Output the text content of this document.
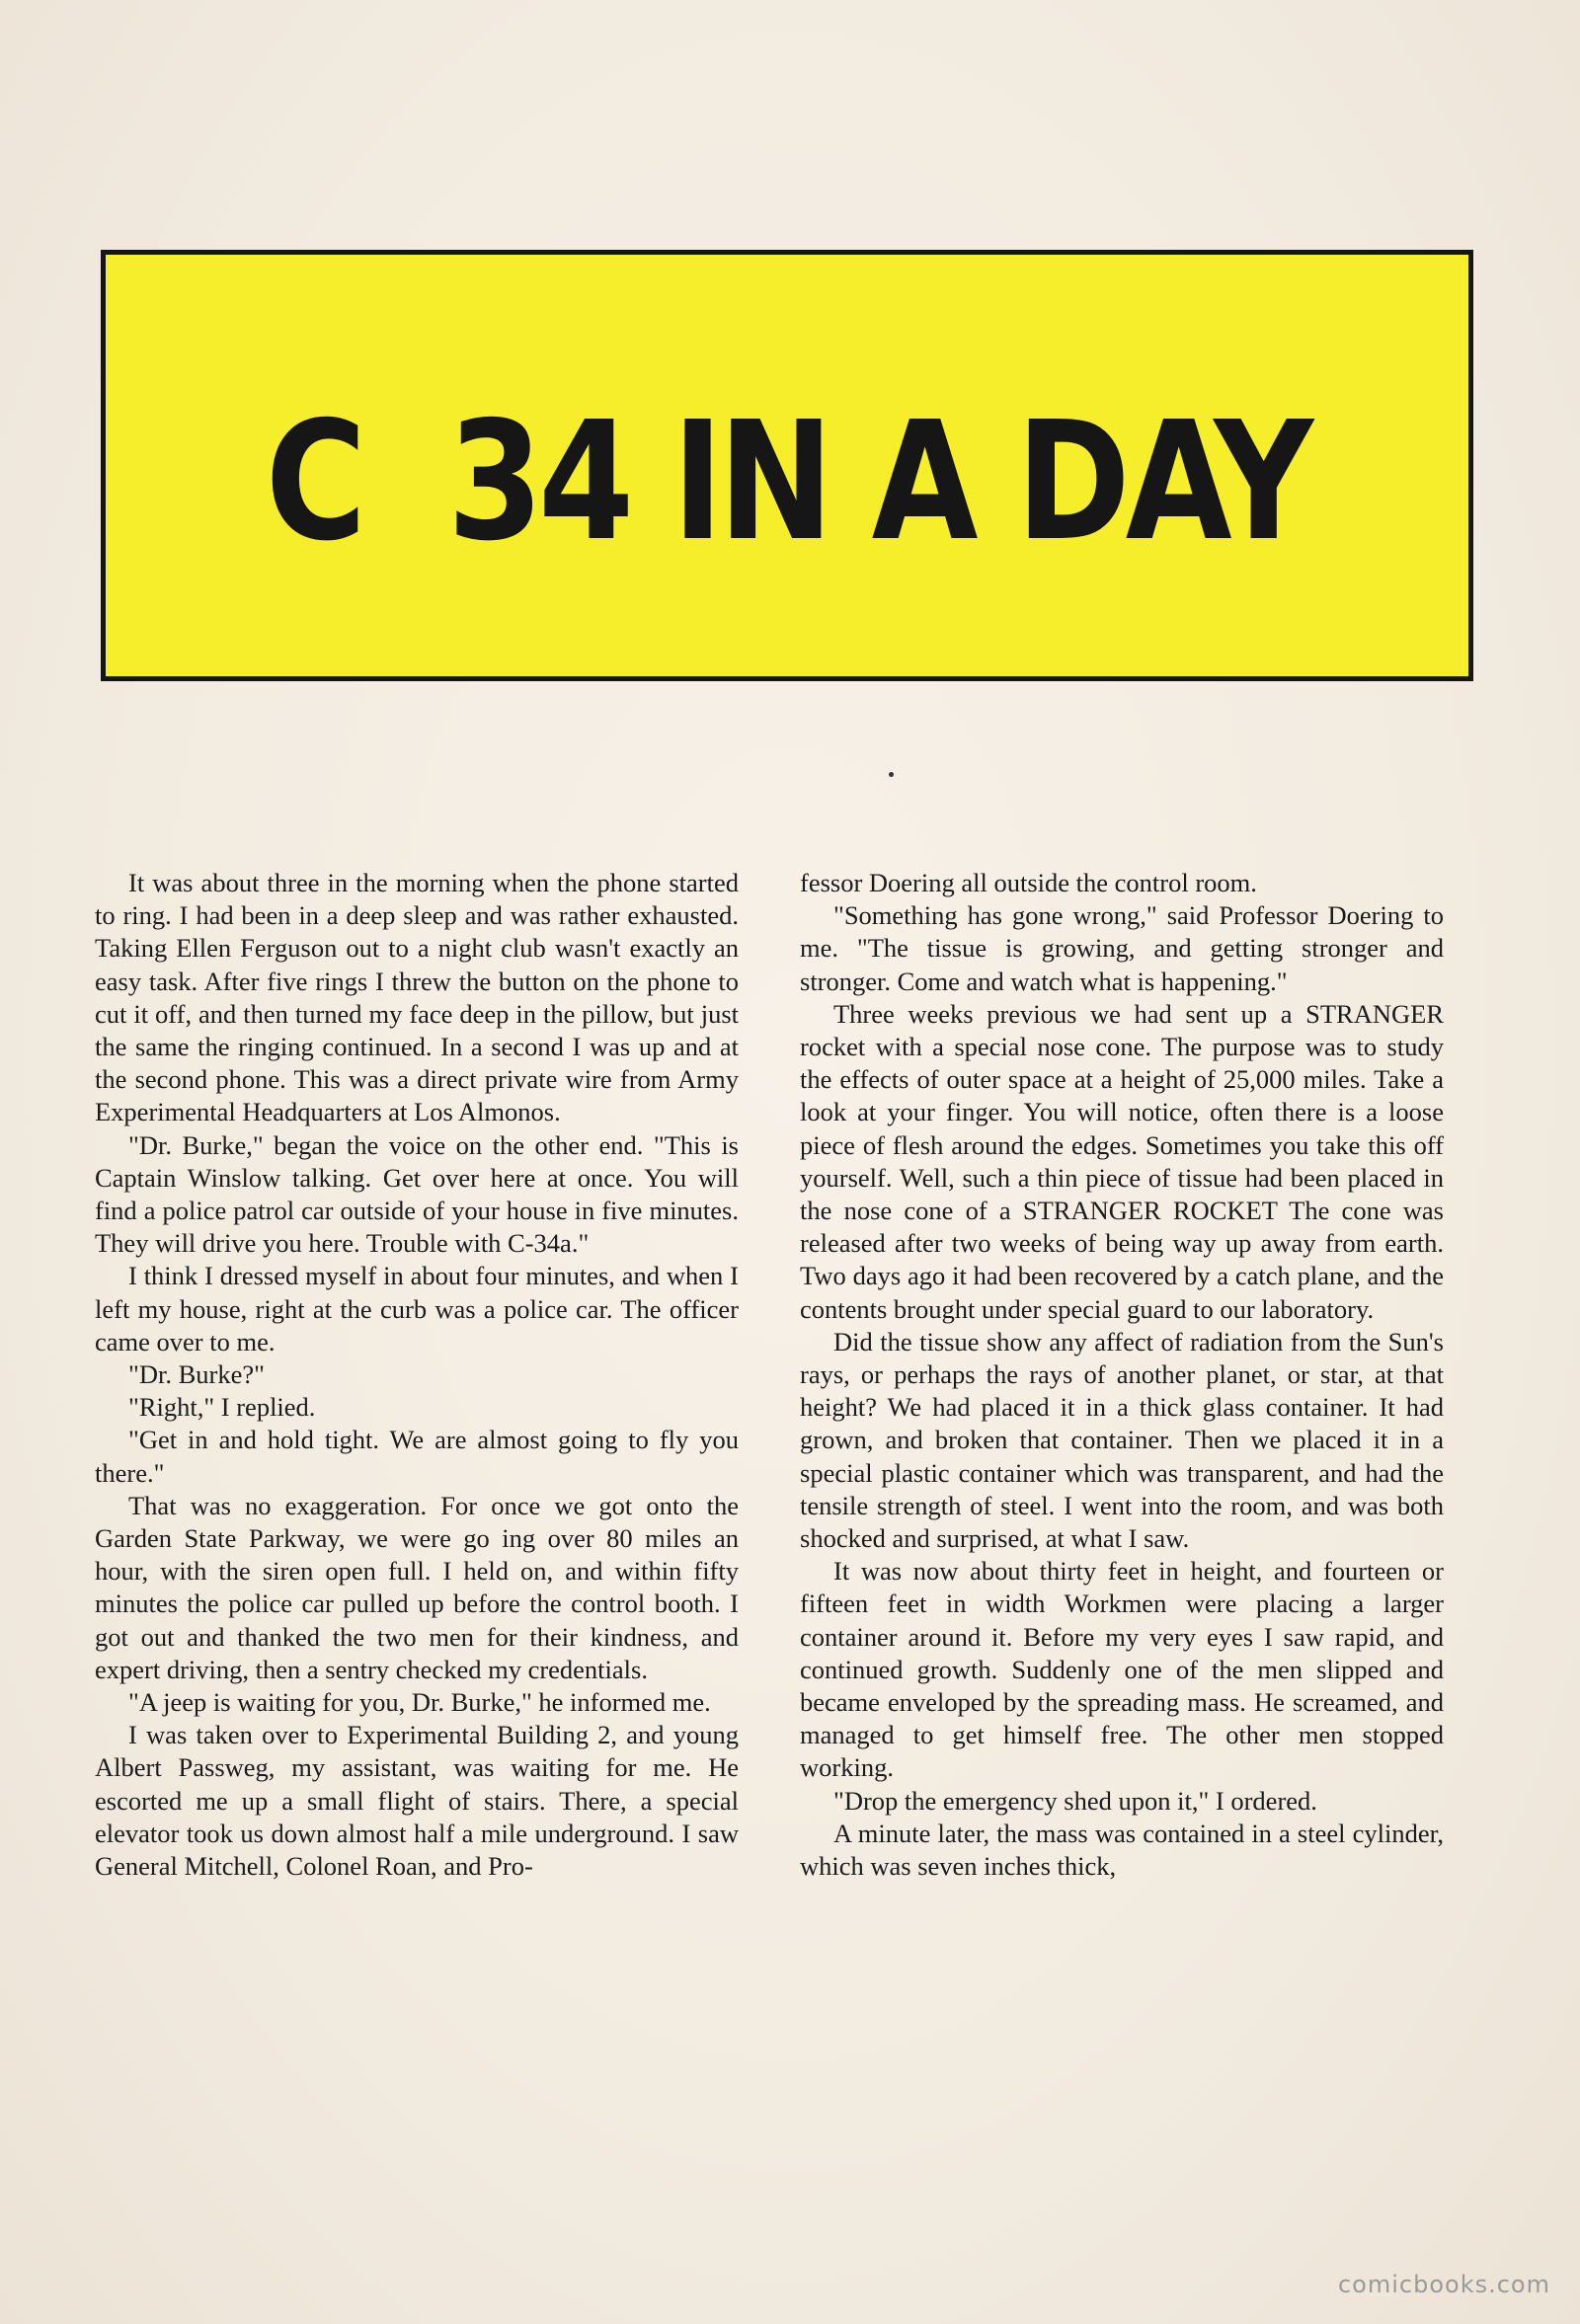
C  34 IN A DAY

It was about three in the morning when the phone started to ring. I had been in a deep sleep and was rather exhausted. Taking Ellen Ferguson out to a night club wasn't exactly an easy task. After five rings I threw the button on the phone to cut it off, and then turned my face deep in the pillow, but just the same the ringing continued. In a second I was up and at the second phone. This was a direct private wire from Army Experimental Headquarters at Los Almonos.

"Dr. Burke," began the voice on the other end. "This is Captain Winslow talking. Get over here at once. You will find a police patrol car outside of your house in five minutes. They will drive you here. Trouble with C-34a."

I think I dressed myself in about four minutes, and when I left my house, right at the curb was a police car. The officer came over to me.

"Dr. Burke?"

"Right," I replied.

"Get in and hold tight. We are almost going to fly you there."

That was no exaggeration. For once we got onto the Garden State Parkway, we were go ing over 80 miles an hour, with the siren open full. I held on, and within fifty minutes the police car pulled up before the control booth. I got out and thanked the two men for their kindness, and expert driving, then a sentry checked my credentials.

"A jeep is waiting for you, Dr. Burke," he informed me.

I was taken over to Experimental Building 2, and young Albert Passweg, my assistant, was waiting for me. He escorted me up a small flight of stairs. There, a special elevator took us down almost half a mile underground. I saw General Mitchell, Colonel Roan, and Pro-

fessor Doering all outside the control room.

"Something has gone wrong," said Professor Doering to me. "The tissue is growing, and getting stronger and stronger. Come and watch what is happening."

Three weeks previous we had sent up a STRANGER rocket with a special nose cone. The purpose was to study the effects of outer space at a height of 25,000 miles. Take a look at your finger. You will notice, often there is a loose piece of flesh around the edges. Sometimes you take this off yourself. Well, such a thin piece of tissue had been placed in the nose cone of a STRANGER ROCKET The cone was released after two weeks of being way up away from earth. Two days ago it had been recovered by a catch plane, and the contents brought under special guard to our laboratory.

Did the tissue show any affect of radiation from the Sun's rays, or perhaps the rays of another planet, or star, at that height? We had placed it in a thick glass container. It had grown, and broken that container. Then we placed it in a special plastic container which was transparent, and had the tensile strength of steel. I went into the room, and was both shocked and surprised, at what I saw.

It was now about thirty feet in height, and fourteen or fifteen feet in width Workmen were placing a larger container around it. Before my very eyes I saw rapid, and continued growth. Suddenly one of the men slipped and became enveloped by the spreading mass. He screamed, and managed to get himself free. The other men stopped working.

"Drop the emergency shed upon it," I ordered.

A minute later, the mass was contained in a steel cylinder, which was seven inches thick,

comicbooks.com
